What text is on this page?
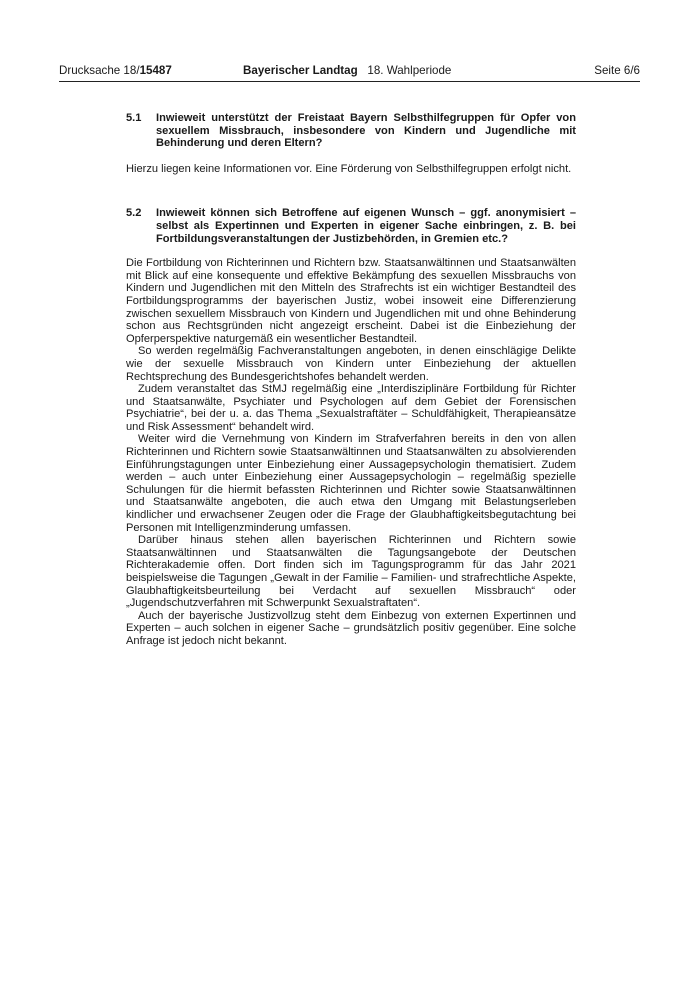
Drucksache 18/15487	Bayerischer Landtag 18. Wahlperiode	Seite 6/6
5.1 Inwieweit unterstützt der Freistaat Bayern Selbsthilfegruppen für Opfer von sexuellem Missbrauch, insbesondere von Kindern und Jugendliche mit Behinderung und deren Eltern?

Hierzu liegen keine Informationen vor. Eine Förderung von Selbsthilfegruppen erfolgt nicht.

5.2 Inwieweit können sich Betroffene auf eigenen Wunsch – ggf. anonymisiert – selbst als Expertinnen und Experten in eigener Sache einbringen, z. B. bei Fortbildungsveranstaltungen der Justizbehörden, in Gremien etc.?

Die Fortbildung von Richterinnen und Richtern bzw. Staatsanwältinnen und Staatsanwälten mit Blick auf eine konsequente und effektive Bekämpfung des sexuellen Missbrauchs von Kindern und Jugendlichen mit den Mitteln des Strafrechts ist ein wichtiger Bestandteil des Fortbildungsprogramms der bayerischen Justiz, wobei insoweit eine Differenzierung zwischen sexuellem Missbrauch von Kindern und Jugendlichen mit und ohne Behinderung schon aus Rechtsgründen nicht angezeigt erscheint. Dabei ist die Einbeziehung der Opferperspektive naturgemäß ein wesentlicher Bestandteil.

So werden regelmäßig Fachveranstaltungen angeboten, in denen einschlägige Delikte wie der sexuelle Missbrauch von Kindern unter Einbeziehung der aktuellen Rechtsprechung des Bundesgerichtshofes behandelt werden.

Zudem veranstaltet das StMJ regelmäßig eine „Interdisziplinäre Fortbildung für Richter und Staatsanwälte, Psychiater und Psychologen auf dem Gebiet der Forensischen Psychiatrie“, bei der u. a. das Thema „Sexualstraftäter – Schuldfähigkeit, Therapieansätze und Risk Assessment“ behandelt wird.

Weiter wird die Vernehmung von Kindern im Strafverfahren bereits in den von allen Richterinnen und Richtern sowie Staatsanwältinnen und Staatsanwälten zu absolvierenden Einführungstagungen unter Einbeziehung einer Aussagepsychologin thematisiert. Zudem werden – auch unter Einbeziehung einer Aussagepsychologin – regelmäßig spezielle Schulungen für die hiermit befassten Richterinnen und Richter sowie Staatsanwältinnen und Staatsanwälte angeboten, die auch etwa den Umgang mit Belastungserleben kindlicher und erwachsener Zeugen oder die Frage der Glaubhaftigkeitsbegutachtung bei Personen mit Intelligenzminderung umfassen.

Darüber hinaus stehen allen bayerischen Richterinnen und Richtern sowie Staatsanwältinnen und Staatsanwälten die Tagungsangebote der Deutschen Richterakademie offen. Dort finden sich im Tagungsprogramm für das Jahr 2021 beispielsweise die Tagungen „Gewalt in der Familie – Familien- und strafrechtliche Aspekte, Glaubhaftigkeitsbeurteilung bei Verdacht auf sexuellen Missbrauch“ oder „Jugendschutzverfahren mit Schwerpunkt Sexualstraftaten“.

Auch der bayerische Justizvollzug steht dem Einbezug von externen Expertinnen und Experten – auch solchen in eigener Sache – grundsätzlich positiv gegenüber. Eine solche Anfrage ist jedoch nicht bekannt.
